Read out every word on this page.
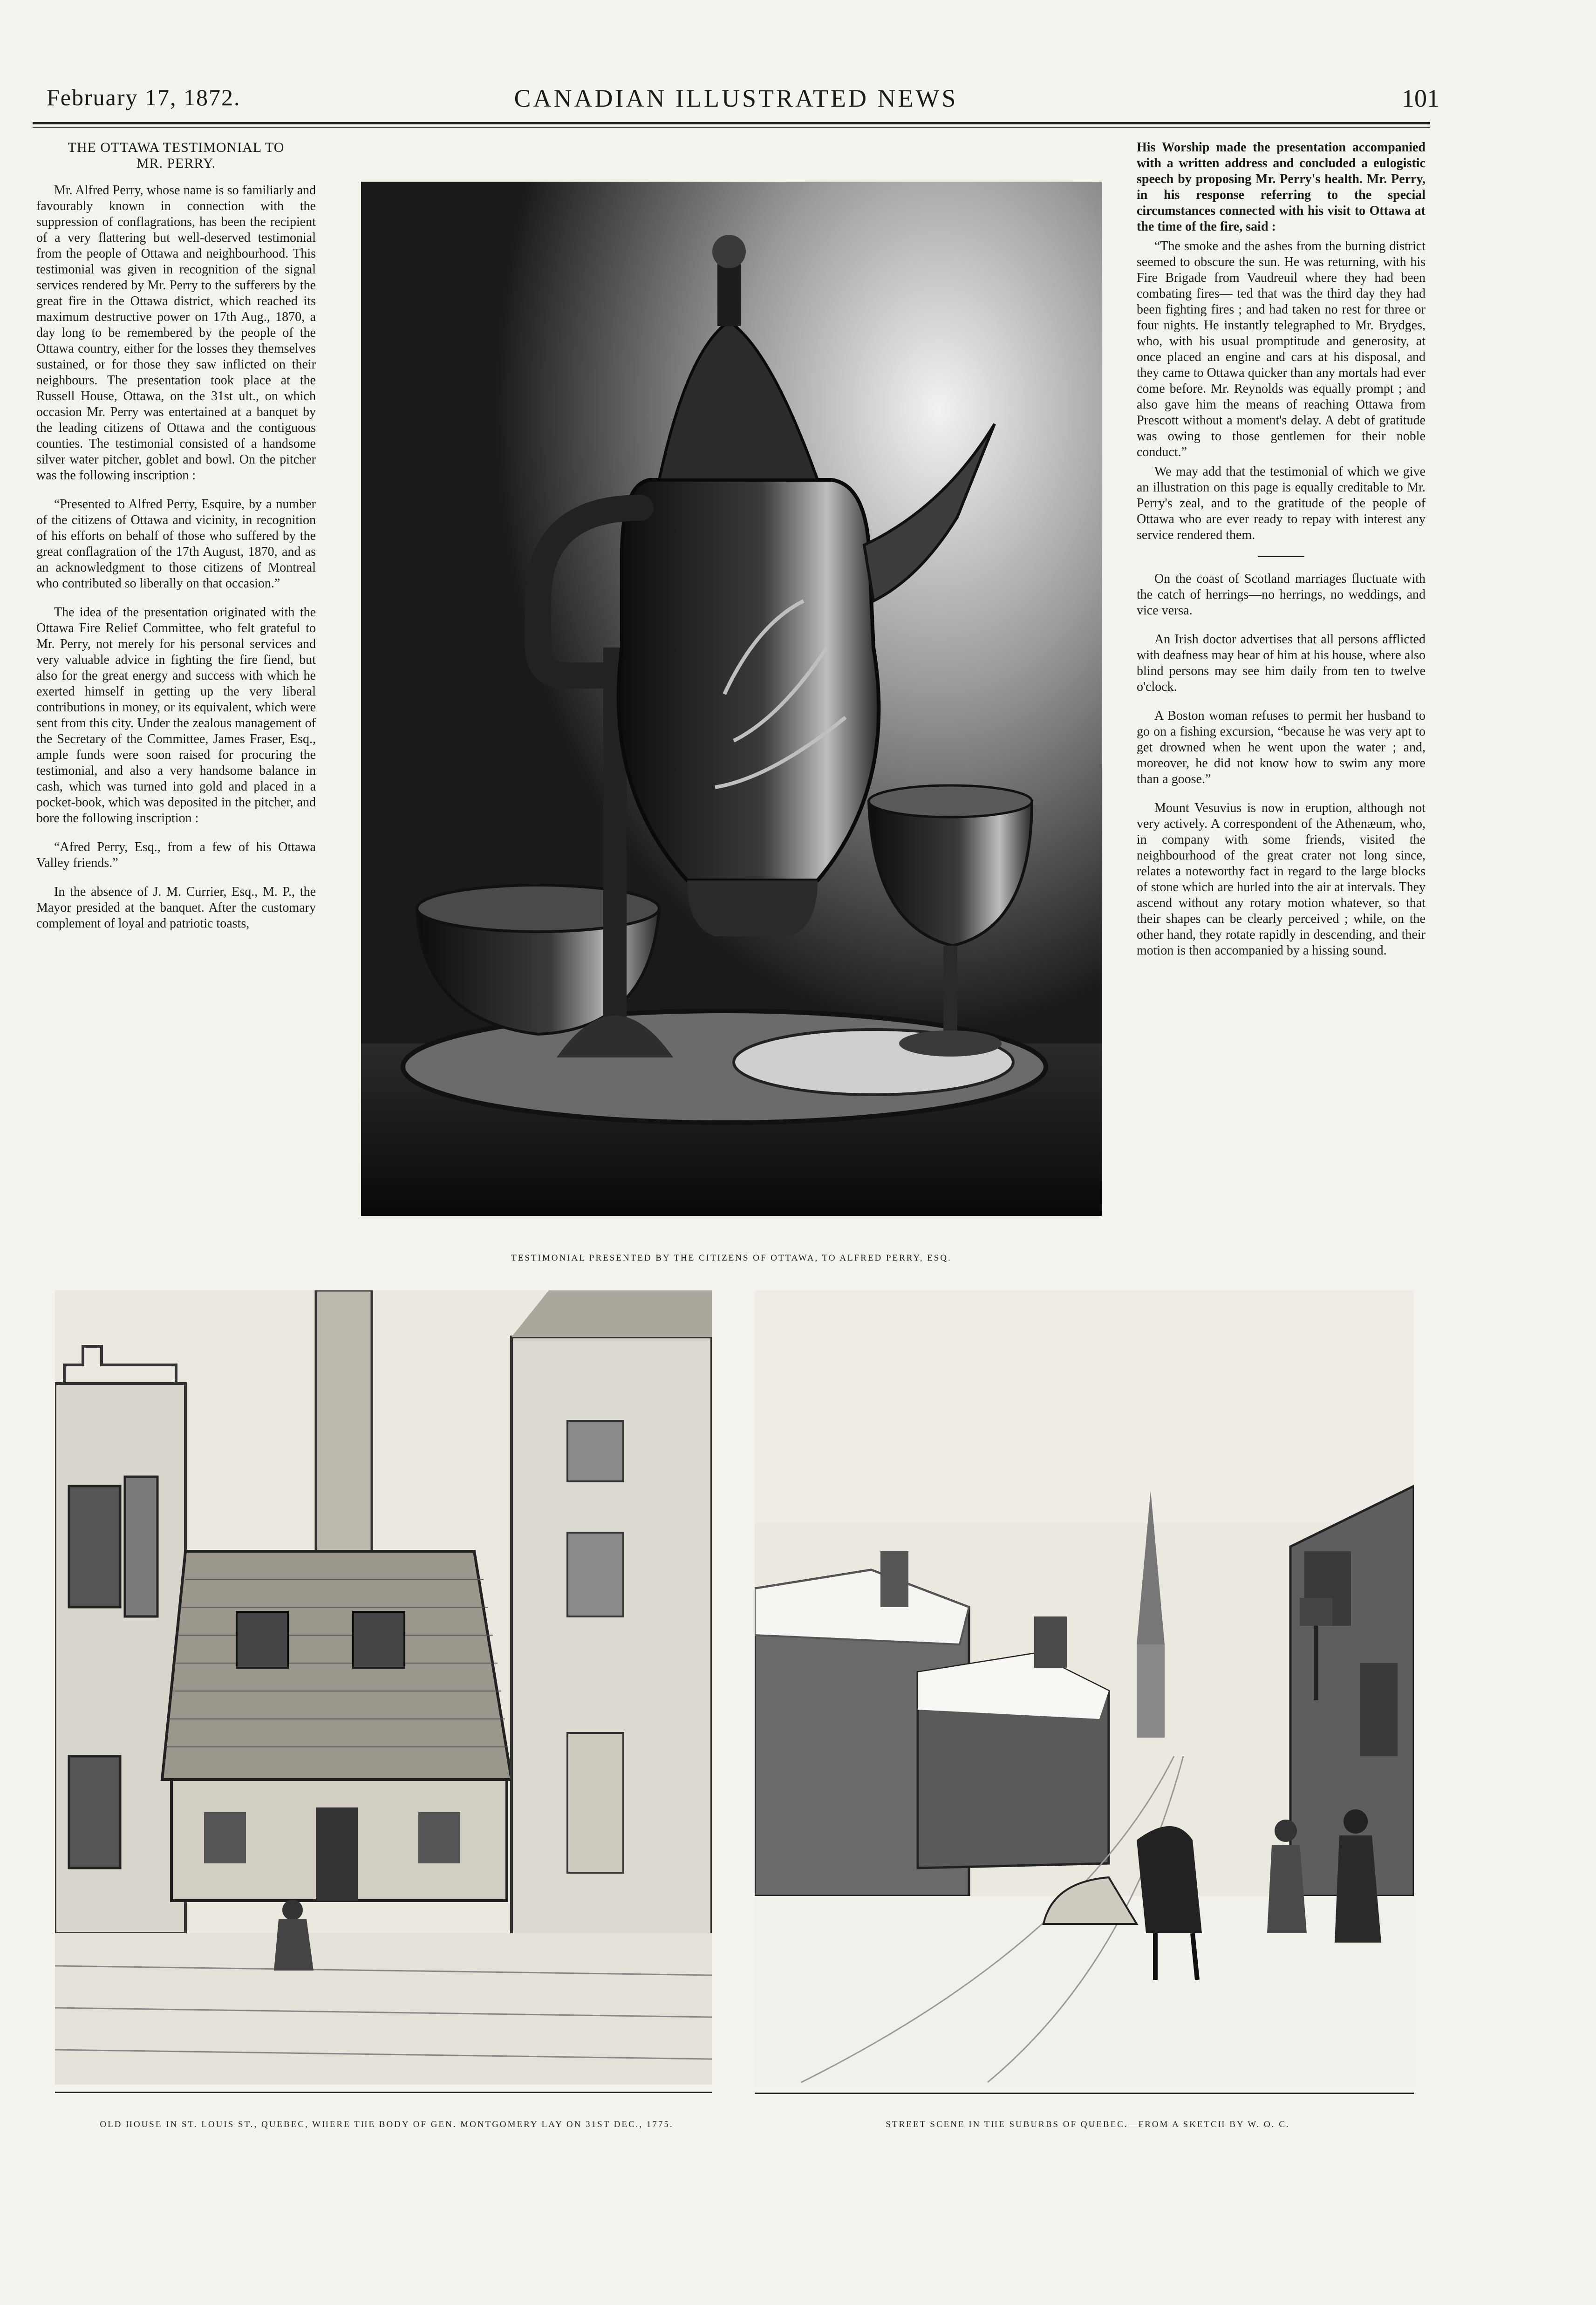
February 17, 1872.	CANADIAN ILLUSTRATED NEWS	101
THE OTTAWA TESTIMONIAL TO
MR. PERRY.

Mr. Alfred Perry, whose name is so familiarly and favourably known in connection with the suppression of conflagrations, has been the recipient of a very flattering but well-deserved testimonial from the people of Ottawa and neighbourhood. This testimonial was given in recognition of the signal services rendered by Mr. Perry to the sufferers by the great fire in the Ottawa district, which reached its maximum destructive power on 17th Aug., 1870, a day long to be remembered by the people of the Ottawa country, either for the losses they themselves sustained, or for those they saw inflicted on their neighbours. The presentation took place at the Russell House, Ottawa, on the 31st ult., on which occasion Mr. Perry was entertained at a banquet by the leading citizens of Ottawa and the contiguous counties. The testimonial consisted of a handsome silver water pitcher, goblet and bowl. On the pitcher was the following inscription :

“Presented to Alfred Perry, Esquire, by a number of the citizens of Ottawa and vicinity, in recognition of his efforts on behalf of those who suffered by the great conflagration of the 17th August, 1870, and as an acknowledgment to those citizens of Montreal who contributed so liberally on that occasion.”

The idea of the presentation originated with the Ottawa Fire Relief Committee, who felt grateful to Mr. Perry, not merely for his personal services and very valuable advice in fighting the fire fiend, but also for the great energy and success with which he exerted himself in getting up the very liberal contributions in money, or its equivalent, which were sent from this city. Under the zealous management of the Secretary of the Committee, James Fraser, Esq., ample funds were soon raised for procuring the testimonial, and also a very handsome balance in cash, which was turned into gold and placed in a pocket-book, which was deposited in the pitcher, and bore the following inscription :

“Afred Perry, Esq., from a few of his Ottawa Valley friends.”

In the absence of J. M. Currier, Esq., M. P., the Mayor presided at the banquet. After the customary complement of loyal and patriotic toasts,

His Worship made the presentation accompanied with a written address and concluded a eulogistic speech by proposing Mr. Perry's health. Mr. Perry, in his response referring to the special circumstances connected with his visit to Ottawa at the time of the fire, said :

“The smoke and the ashes from the burning district seemed to obscure the sun. He was returning, with his Fire Brigade from Vaudreuil where they had been combating fires— ted that was the third day they had been fighting fires ; and had taken no rest for three or four nights. He instantly telegraphed to Mr. Brydges, who, with his usual promptitude and generosity, at once placed an engine and cars at his disposal, and they came to Ottawa quicker than any mortals had ever come before. Mr. Reynolds was equally prompt ; and also gave him the means of reaching Ottawa from Prescott without a moment's delay. A debt of gratitude was owing to those gentlemen for their noble conduct.”

We may add that the testimonial of which we give an illustration on this page is equally creditable to Mr. Perry's zeal, and to the gratitude of the people of Ottawa who are ever ready to repay with interest any service rendered them.

On the coast of Scotland marriages fluctuate with the catch of herrings—no herrings, no weddings, and vice versa.

An Irish doctor advertises that all persons afflicted with deafness may hear of him at his house, where also blind persons may see him daily from ten to twelve o'clock.

A Boston woman refuses to permit her husband to go on a fishing excursion, “because he was very apt to get drowned when he went upon the water ; and, moreover, he did not know how to swim any more than a goose.”

Mount Vesuvius is now in eruption, although not very actively. A correspondent of the Athenæum, who, in company with some friends, visited the neighbourhood of the great crater not long since, relates a noteworthy fact in regard to the large blocks of stone which are hurled into the air at intervals. They ascend without any rotary motion whatever, so that their shapes can be clearly perceived ; while, on the other hand, they rotate rapidly in descending, and their motion is then accompanied by a hissing sound.

TESTIMONIAL PRESENTED BY THE CITIZENS OF OTTAWA, TO ALFRED PERRY, ESQ.
OLD HOUSE IN ST. LOUIS ST., QUEBEC, WHERE THE BODY OF GEN. MONTGOMERY LAY ON 31ST DEC., 1775.	STREET SCENE IN THE SUBURBS OF QUEBEC.—FROM A SKETCH BY W. O. C.
